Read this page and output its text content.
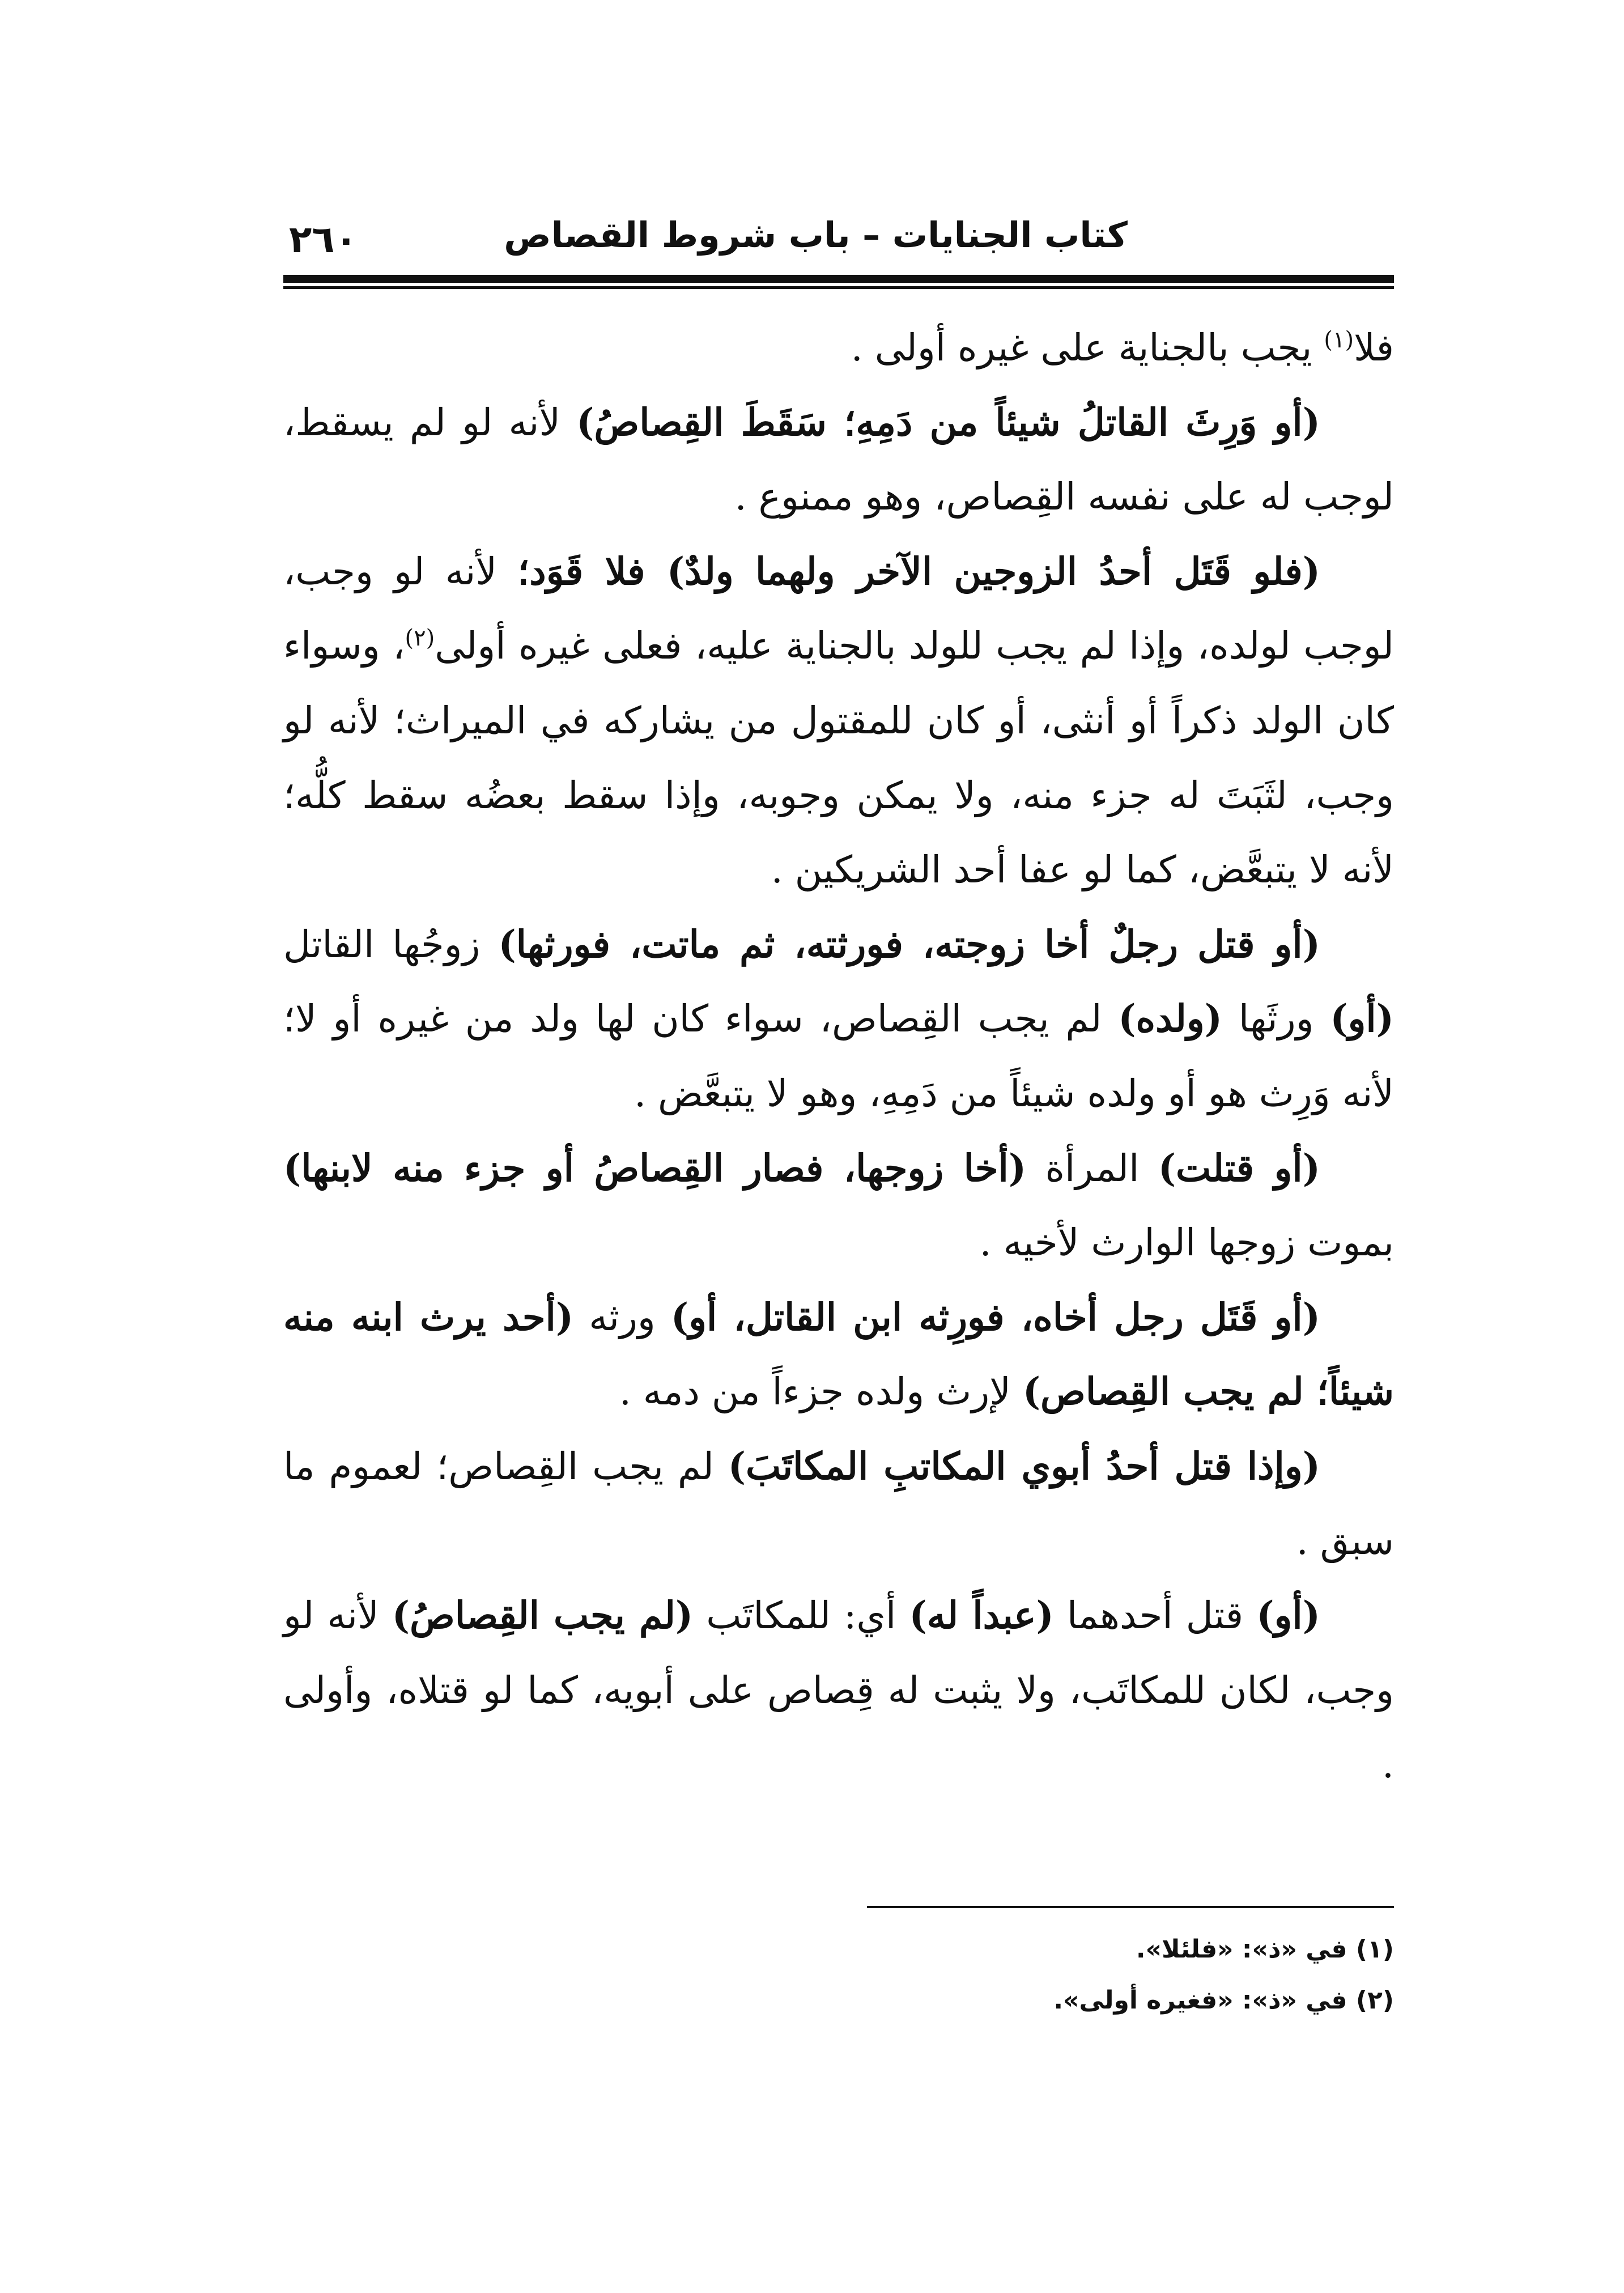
كتاب الجنايات – باب شروط القصاص
٢٦٠

فلا$^{(١)}$ يجب بالجناية على غيره أولى .

(أو وَرِثَ القاتلُ شيئاً من دَمِهِ؛ سَقَطَ القِصاصُ) لأنه لو لم يسقط، لوجب له على نفسه القِصاص، وهو ممنوع .

(فلو قَتَل أحدُ الزوجين الآخر ولهما ولدٌ) فلا قَوَد؛ لأنه لو وجب، لوجب لولده، وإذا لم يجب للولد بالجناية عليه، فعلى غيره أولى$^{(٢)}$، وسواء كان الولد ذكراً أو أنثى، أو كان للمقتول من يشاركه في الميراث؛ لأنه لو وجب، لثَبَتَ له جزء منه، ولا يمكن وجوبه، وإذا سقط بعضُه سقط كلُّه؛ لأنه لا يتبعَّض، كما لو عفا أحد الشريكين .

(أو قتل رجلٌ أخا زوجته، فورثته، ثم ماتت، فورثها) زوجُها القاتل (أو) ورثَها (ولده) لم يجب القِصاص، سواء كان لها ولد من غيره أو لا؛ لأنه وَرِث هو أو ولده شيئاً من دَمِهِ، وهو لا يتبعَّض .

(أو قتلت) المرأة (أخا زوجها، فصار القِصاصُ أو جزء منه لابنها) بموت زوجها الوارث لأخيه .

(أو قَتَل رجل أخاه، فورِثه ابن القاتل، أو) ورثه (أحد يرث ابنه منه شيئاً؛ لم يجب القِصاص) لإرث ولده جزءاً من دمه .

(وإذا قتل أحدُ أبوي المكاتبِ المكاتَبَ) لم يجب القِصاص؛ لعموم ما سبق .

(أو) قتل أحدهما (عبداً له) أي: للمكاتَب (لم يجب القِصاصُ) لأنه لو وجب، لكان للمكاتَب، ولا يثبت له قِصاص على أبويه، كما لو قتلاه، وأولى .

(١) في «ذ»: «فلئلا».
(٢) في «ذ»: «فغيره أولى».
